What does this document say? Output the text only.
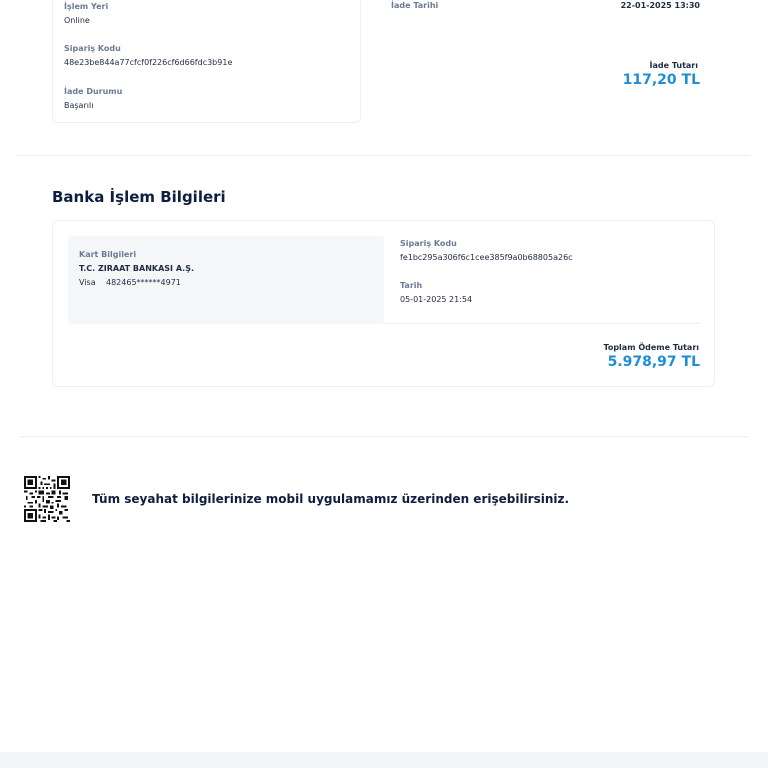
İşlem Yeri
Online
Sipariş Kodu
48e23be844a77cfcf0f226cf6d66fdc3b91e
İade Durumu
Başarılı
İade Tarihi	22-01-2025 13:30
İade Tutarı
117,20 TL
Banka İşlem Bilgileri
Kart Bilgileri
T.C. ZIRAAT BANKASI A.Ş.
Visa 482465******4971
Sipariş Kodu
fe1bc295a306f6c1cee385f9a0b68805a26c
Tarih
05-01-2025 21:54
Toplam Ödeme Tutarı
5.978,97 TL
Tüm seyahat bilgilerinize mobil uygulamamız üzerinden erişebilirsiniz.
